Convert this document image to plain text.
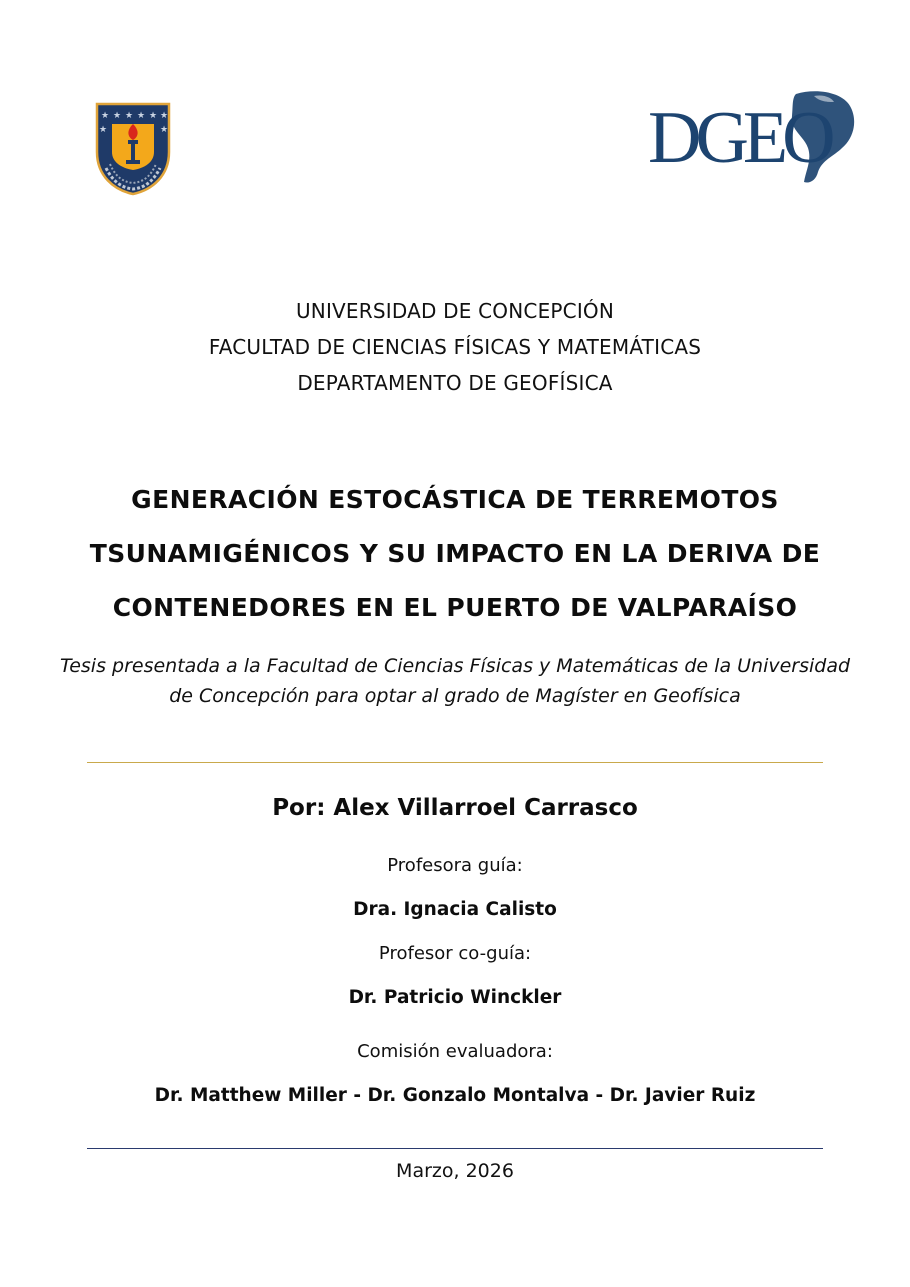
★ ★ ★ ★ ★ ★
★	★	DGEO
UNIVERSIDAD DE CONCEPCIÓN
FACULTAD DE CIENCIAS FÍSICAS Y MATEMÁTICAS
DEPARTAMENTO DE GEOFÍSICA
GENERACIÓN ESTOCÁSTICA DE TERREMOTOS
TSUNAMIGÉNICOS Y SU IMPACTO EN LA DERIVA DE
CONTENEDORES EN EL PUERTO DE VALPARAÍSO
Tesis presentada a la Facultad de Ciencias Físicas y Matemáticas de la Universidad
de Concepción para optar al grado de Magíster en Geofísica
Por: Alex Villarroel Carrasco
Profesora guía:
Dra. Ignacia Calisto
Profesor co-guía:
Dr. Patricio Winckler
Comisión evaluadora:
Dr. Matthew Miller - Dr. Gonzalo Montalva - Dr. Javier Ruiz
Marzo, 2026
